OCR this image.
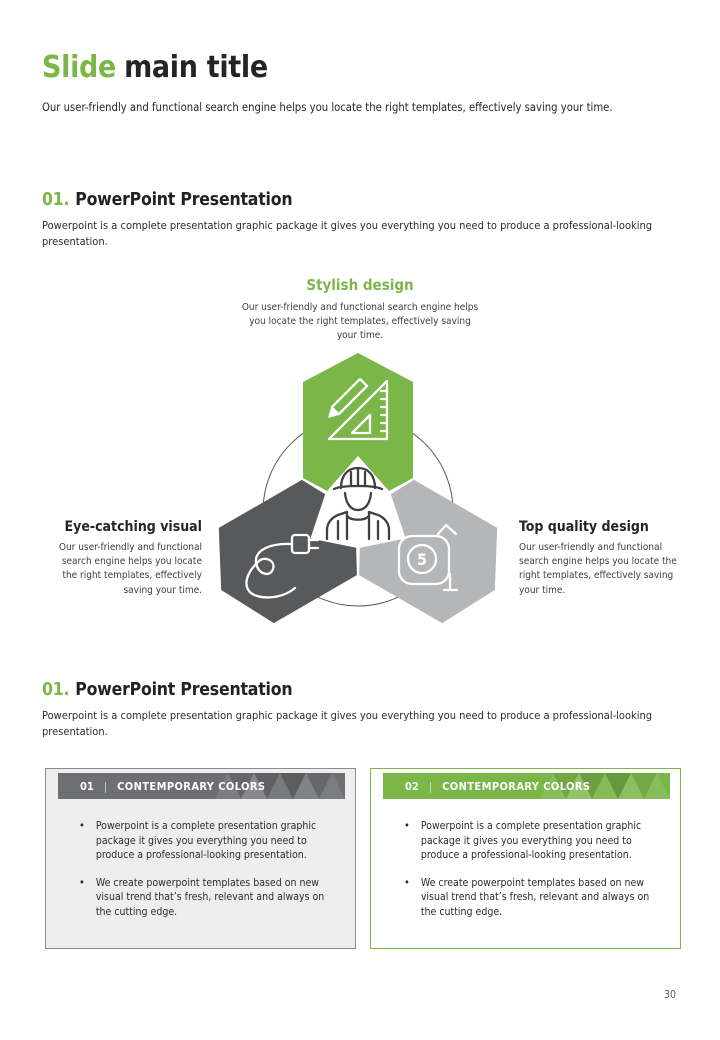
Slide main title

Our user-friendly and functional search engine helps you locate the right templates, effectively saving your time.

01. PowerPoint Presentation

Powerpoint is a complete presentation graphic package it gives you everything you need to produce a professional-looking presentation.

Stylish design

Our user-friendly and functional search engine helps you locate the right templates, effectively saving your time.

Eye-catching visual

Our user-friendly and functional search engine helps you locate the right templates, effectively saving your time.

Top quality design

Our user-friendly and functional search engine helps you locate the right templates, effectively saving your time.

5
01. PowerPoint Presentation

Powerpoint is a complete presentation graphic package it gives you everything you need to produce a professional-looking presentation.

01 | CONTEMPORARY COLORS
• Powerpoint is a complete presentation graphic package it gives you everything you need to produce a professional-looking presentation.
• We create powerpoint templates based on new visual trend that’s fresh, relevant and always on the cutting edge.
02 | CONTEMPORARY COLORS
• Powerpoint is a complete presentation graphic package it gives you everything you need to produce a professional-looking presentation.
• We create powerpoint templates based on new visual trend that’s fresh, relevant and always on the cutting edge.
30
